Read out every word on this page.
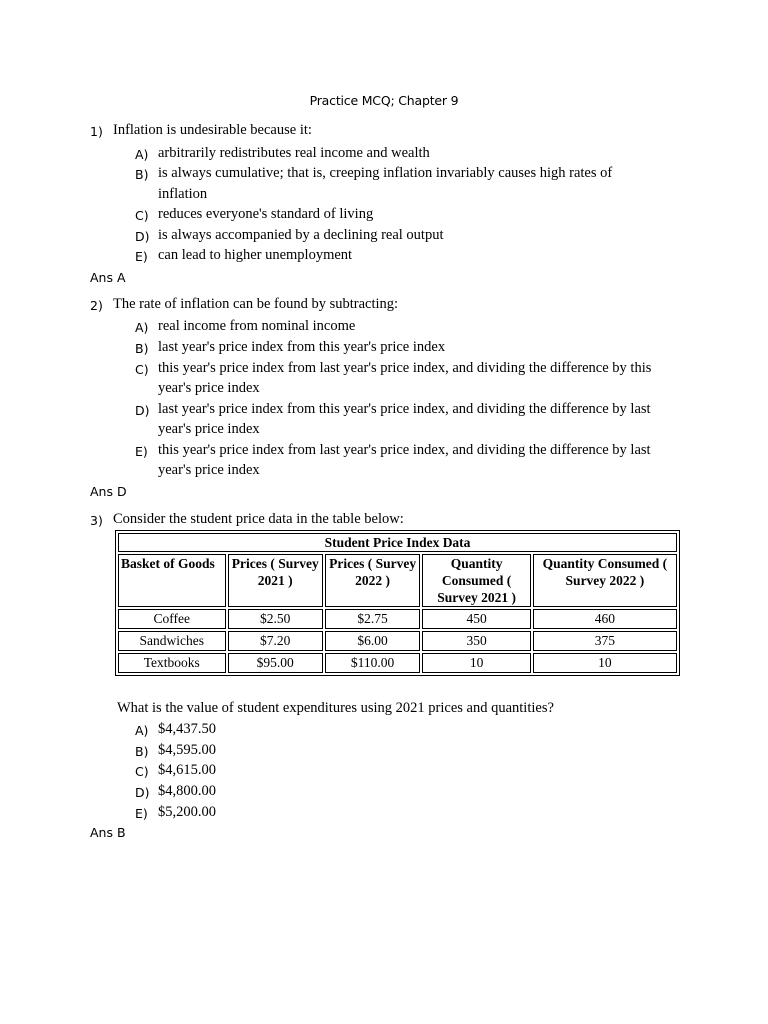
Practice MCQ; Chapter 9
1) Inflation is undesirable because it:
A) arbitrarily redistributes real income and wealth
B) is always cumulative; that is, creeping inflation invariably causes high rates of
inflation
C) reduces everyone's standard of living
D) is always accompanied by a declining real output
E) can lead to higher unemployment
Ans A
2) The rate of inflation can be found by subtracting:
A) real income from nominal income
B) last year's price index from this year's price index
C) this year's price index from last year's price index, and dividing the difference by this
year's price index
D) last year's price index from this year's price index, and dividing the difference by last
year's price index
E) this year's price index from last year's price index, and dividing the difference by last
year's price index
Ans D
3) Consider the student price data in the table below:
Student Price Index Data				
Basket of Goods	Prices ( Survey 2021 )	Prices ( Survey 2022 )	Quantity Consumed ( Survey 2021 )	Quantity Consumed ( Survey 2022 )
Coffee	$2.50	$2.75	450	460
Sandwiches	$7.20	$6.00	350	375
Textbooks	$95.00	$110.00	10	10
What is the value of student expenditures using 2021 prices and quantities?
A) $4,437.50
B) $4,595.00
C) $4,615.00
D) $4,800.00
E) $5,200.00
Ans B
